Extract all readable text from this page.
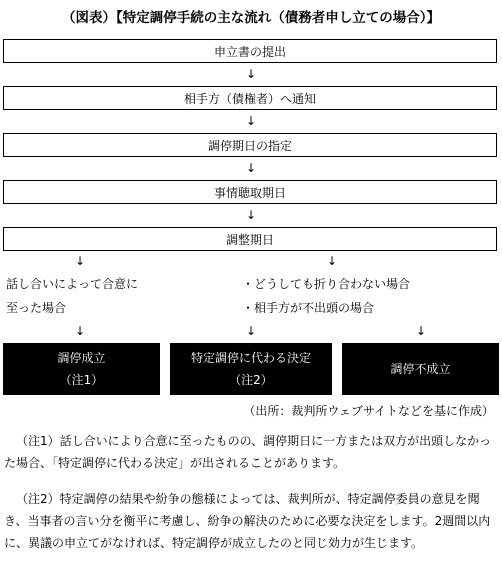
（図表）【特定調停手続の主な流れ（債務者申し立ての場合）】
申立書の提出
↓
相手方（債権者）へ通知
↓
調停期日の指定
↓
事情聴取期日
↓
調整期日
↓	↓
話し合いによって合意に
至った場合
・どうしても折り合わない場合
・相手方が不出頭の場合
↓	↓	↓
調停成立
（注1）
特定調停に代わる決定
（注2）
調停不成立
（出所：裁判所ウェブサイトなどを基に作成）
（注1）話し合いにより合意に至ったものの、調停期日に一方または双方が出頭しなかった場合、「特定調停に代わる決定」が出されることがあります。
（注2）特定調停の結果や紛争の態様によっては、裁判所が、特定調停委員の意見を聞き、当事者の言い分を衡平に考慮し、紛争の解決のために必要な決定をします。2週間以内に、異議の申立てがなければ、特定調停が成立したのと同じ効力が生じます。
